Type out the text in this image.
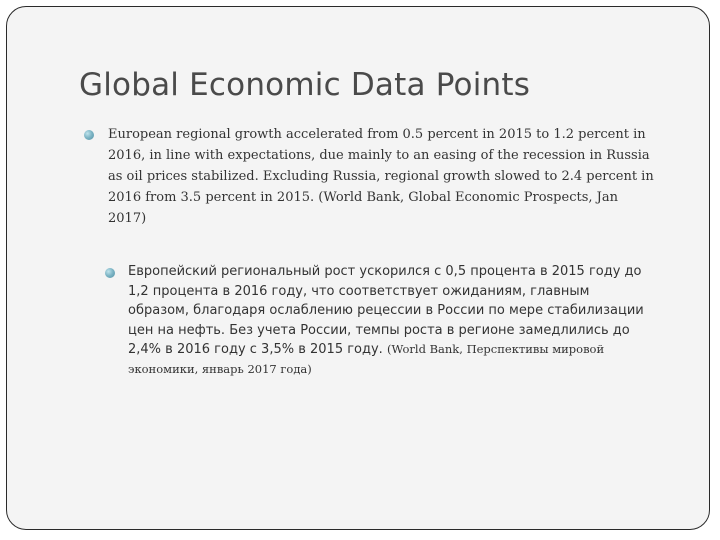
Global Economic Data Points
European regional growth accelerated from 0.5 percent in 2015 to 1.2 percent in 2016, in line with expectations, due mainly to an easing of the recession in Russia as oil prices stabilized. Excluding Russia, regional growth slowed to 2.4 percent in 2016 from 3.5 percent in 2015. (World Bank, Global Economic Prospects, Jan 2017)
Европейский региональный рост ускорился с 0,5 процента в 2015 году до 1,2 процента в 2016 году, что соответствует ожиданиям, главным образом, благодаря ослаблению рецессии в России по мере стабилизации цен на нефть. Без учета России, темпы роста в регионе замедлились до 2,4% в 2016 году с 3,5% в 2015 году. (World Bank, Перспективы мировой экономики, январь 2017 года)
